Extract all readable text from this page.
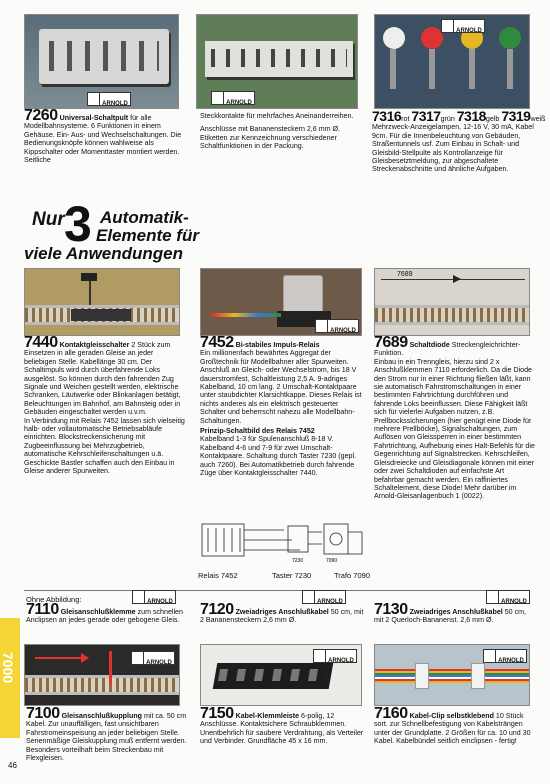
ARNOLD	ARNOLD
ARNOLD
7260 Universal-Schaltpult für alle Modellbahnsysteme. 6 Funktionen in einem Gehäuse. Ein- Aus- und Wechselschaltungen. Die Bedienungsknöpfe können wahlweise als Kippschalter oder Momenttaster montiert werden. Seitliche
Steckkontakte für mehrfaches Aneinanderreihen.
Anschlüsse mit Bananensteckern 2,6 mm Ø. Etiketten zur Kennzeichnung verschiedener Schaltfunktionen in der Packung.
7316rot 7317grün 7318gelb 7319weiß
Mehrzweck-Anzeigelampen, 12-16 V, 30 mA, Kabel 9cm. Für die Innenbeleuchtung von Gebäuden, Straßentunnels usf. Zum Einbau in Schalt- und Gleisbild-Stellpulte als Kontrollanzeige für Gleisbesetztmeldung, zur abgeschaltete Streckenabschnitte und ähnliche Aufgaben.
Nur 3 Automatik-
Elemente für
viele Anwendungen
ARNOLD
7689
7440 Kontaktgleisschalter 2 Stück zum Einsetzen in alle geraden Gleise an jeder beliebigen Stelle. Kabellänge 30 cm. Der Schaltimpuls wird durch überfahrende Loks ausgelöst. So können durch den fahrenden Zug Signale und Weichen gestellt werden, elektrische Schranken, Läutwerke oder Blinkanlagen betätigt, Beleuchtungen im Bahnhof, am Bahnsteig oder in Gebäuden eingeschaltet werden u.v.m.
In Verbindung mit Relais 7452 lassen sich vielseitig halb- oder vollautomatische Betriebsabläufe einrichten. Blockstreckensicherung mit Zugbeeinflussung bei Mehrzugbetrieb, automatische Kehrschleifenschaltungen u.ä. Geschickte Bastler schaffen auch den Einbau in Gleise anderer Spurweiten.
7452 Bi-stabiles Impuls-Relais
Ein millionenfach bewährtes Aggregat der Großtechnik für Modellbahner aller Spurweiten. Anschluß an Gleich- oder Wechselstrom, bis 18 V dauerstromfest, Schaltleistung 2,5 A. 9-adriges Kabelband, 10 cm lang. 2 Umschalt-Kontaktpaare unter staubdichter Klarsichtkappe. Dieses Relais ist nichts anderes als ein elektrisch gesteuerter Schalter und beherrscht nahezu alle Modellbahn-Schaltungen.
Prinzip-Schaltbild des Relais 7452
Kabelband 1-3 für Spulenanschluß 8-18 V. Kabelband 4-6 und 7-9 für zwei Umschalt-Kontaktpaare. Schaltung durch Taster 7230 (gepl. auch 7260). Bei Automatikbetrieb durch fahrende Züge über Kontaktgleisschalter 7440.
7689 Schaltdiode Streckengleichrichter-Funktion.
Einbau in ein Trenngleis, hierzu sind 2 x Anschlußklemmen 7110 erforderlich. Da die Diode den Strom nur in einer Richtung fließen läßt, kann sie automatisch Fahrstromschaltungen in einer bestimmten Fahrtrichtung durchführen und fahrende Loks beeinflussen. Diese Fähigkeit läßt sich für vielerlei Aufgaben nutzen, z.B. Prellbockssicherungen (hier genügt eine Diode für mehrere Prellböcke), Signalschaltungen, zum Auflösen von Gleissperren in einer bestimmten Fahrtrichtung, Aufhebung eines Halt-Befehls für die Gegenrichtung auf Signalstrecken. Kehrschleifen, Gleisdreiecke und Gleisdiagonale können mit einer oder zwei Schaltdioden auf einfachste Art befahrbar gemacht werden. Ein raffiniertes Schaltelement, diese Diode! Mehr darüber im Arnold-Gleisanlagenbuch 1 (0022).
7230	7090
Relais 7452	Taster 7230	Trafo 7090
Ohne Abbildung:	ARNOLD	ARNOLD	ARNOLD
7110 Gleisanschlußklemme zum schnellen Anclipsen an jedes gerade oder gebogene Gleis.
7120 Zweiadriges Anschlußkabel 50 cm, mit 2 Bananensteckern 2,6 mm Ø.
7130 Zweiadriges Anschlußkabel 50 cm, mit 2 Querloch-Bananenst. 2,6 mm Ø.
ARNOLD	ARNOLD	ARNOLD
7100 Gleisanschlußkupplung mit ca. 50 cm Kabel. Zur unauffälligen, fast unsichtbaren Fahrstromeinspeisung an jeder beliebigen Stelle. Serienmäßige Gleiskupplung muß entfernt werden. Besonders vorteilhaft beim Streckenbau mit Flexgleisen.
7150 Kabel-Klemmleiste 6-polig, 12 Anschlüsse. Kontaktsichere Schraubklemmen. Unentbehrlich für saubere Verdrahtung, als Verteiler und Verbinder. Grundfläche 45 x 16 mm.
7160 Kabel-Clip selbstklebend 10 Stück sort. zur Schnellbefestigung von Kabelsträngen unter der Grundplatte. 2 Größen für ca. 10 und 30 Kabel. Kabelbündel seitlich einclipsen - fertig!
7000
46
